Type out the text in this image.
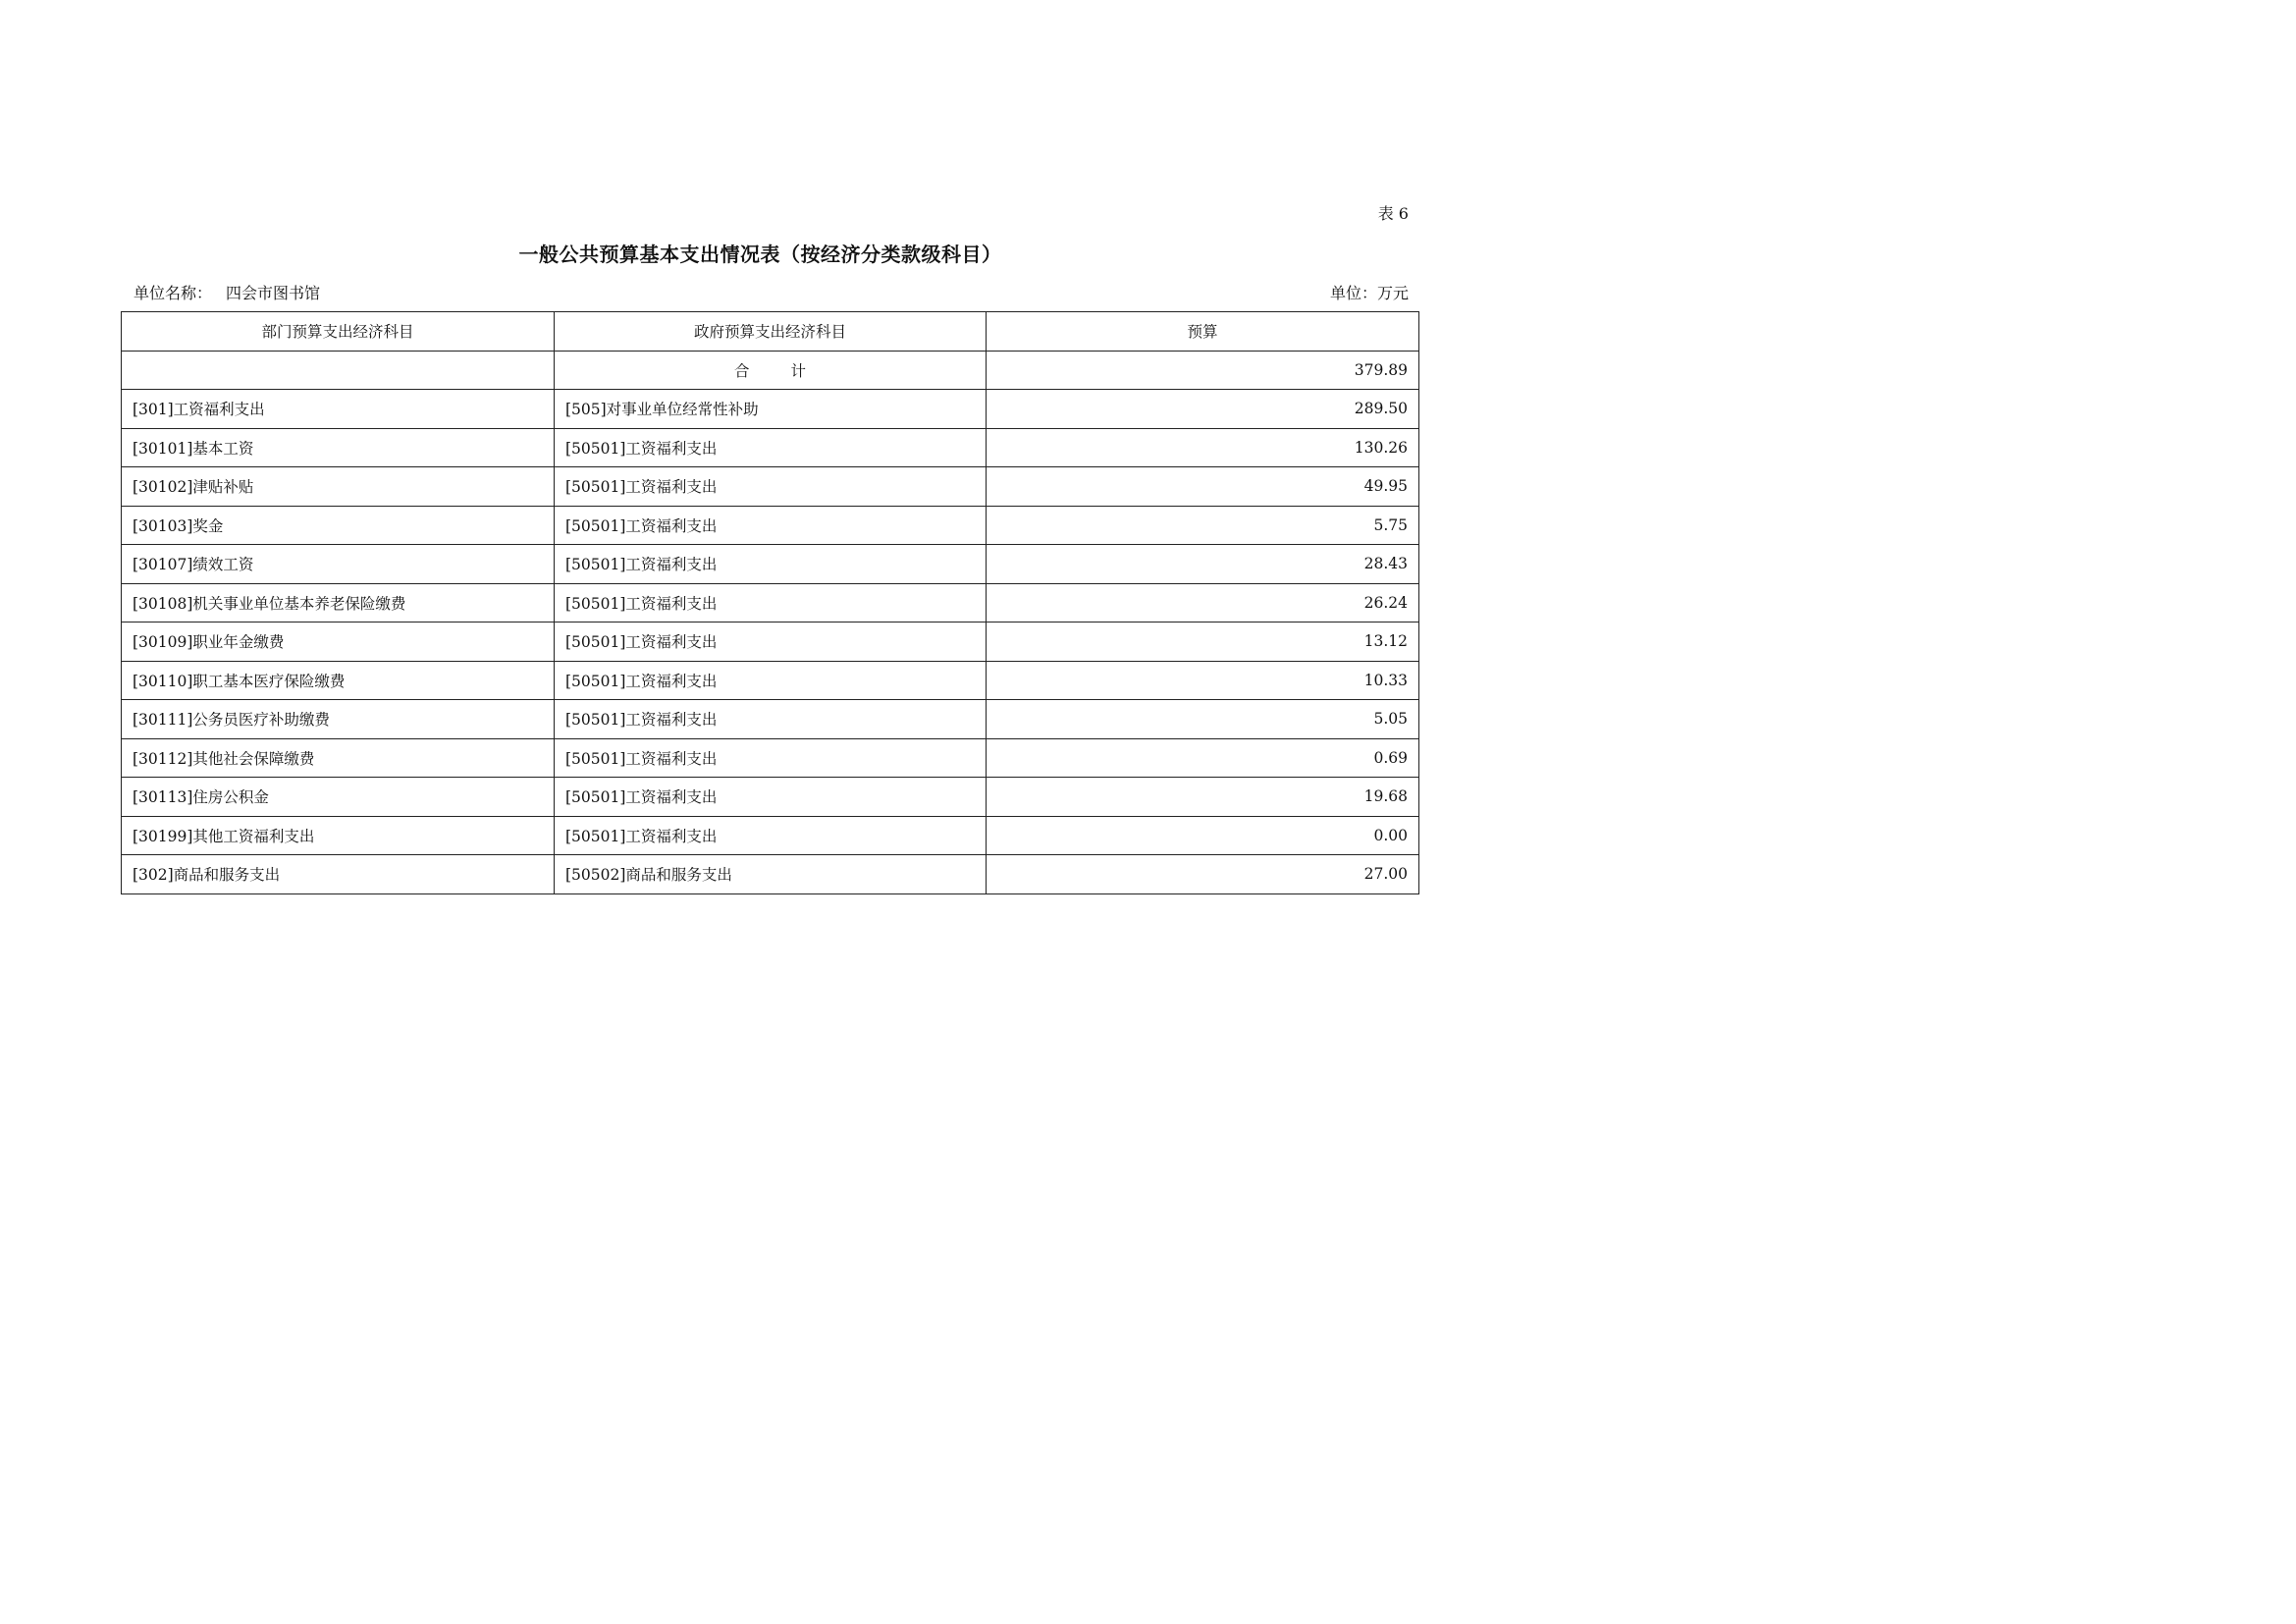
表 6
一般公共预算基本支出情况表（按经济分类款级科目）
单位名称： 四会市图书馆	单位：万元
部门预算支出经济科目	政府预算支出经济科目	预算
	合 计	379.89
[301]工资福利支出	[505]对事业单位经常性补助	289.50
[30101]基本工资	[50501]工资福利支出	130.26
[30102]津贴补贴	[50501]工资福利支出	49.95
[30103]奖金	[50501]工资福利支出	5.75
[30107]绩效工资	[50501]工资福利支出	28.43
[30108]机关事业单位基本养老保险缴费	[50501]工资福利支出	26.24
[30109]职业年金缴费	[50501]工资福利支出	13.12
[30110]职工基本医疗保险缴费	[50501]工资福利支出	10.33
[30111]公务员医疗补助缴费	[50501]工资福利支出	5.05
[30112]其他社会保障缴费	[50501]工资福利支出	0.69
[30113]住房公积金	[50501]工资福利支出	19.68
[30199]其他工资福利支出	[50501]工资福利支出	0.00
[302]商品和服务支出	[50502]商品和服务支出	27.00
